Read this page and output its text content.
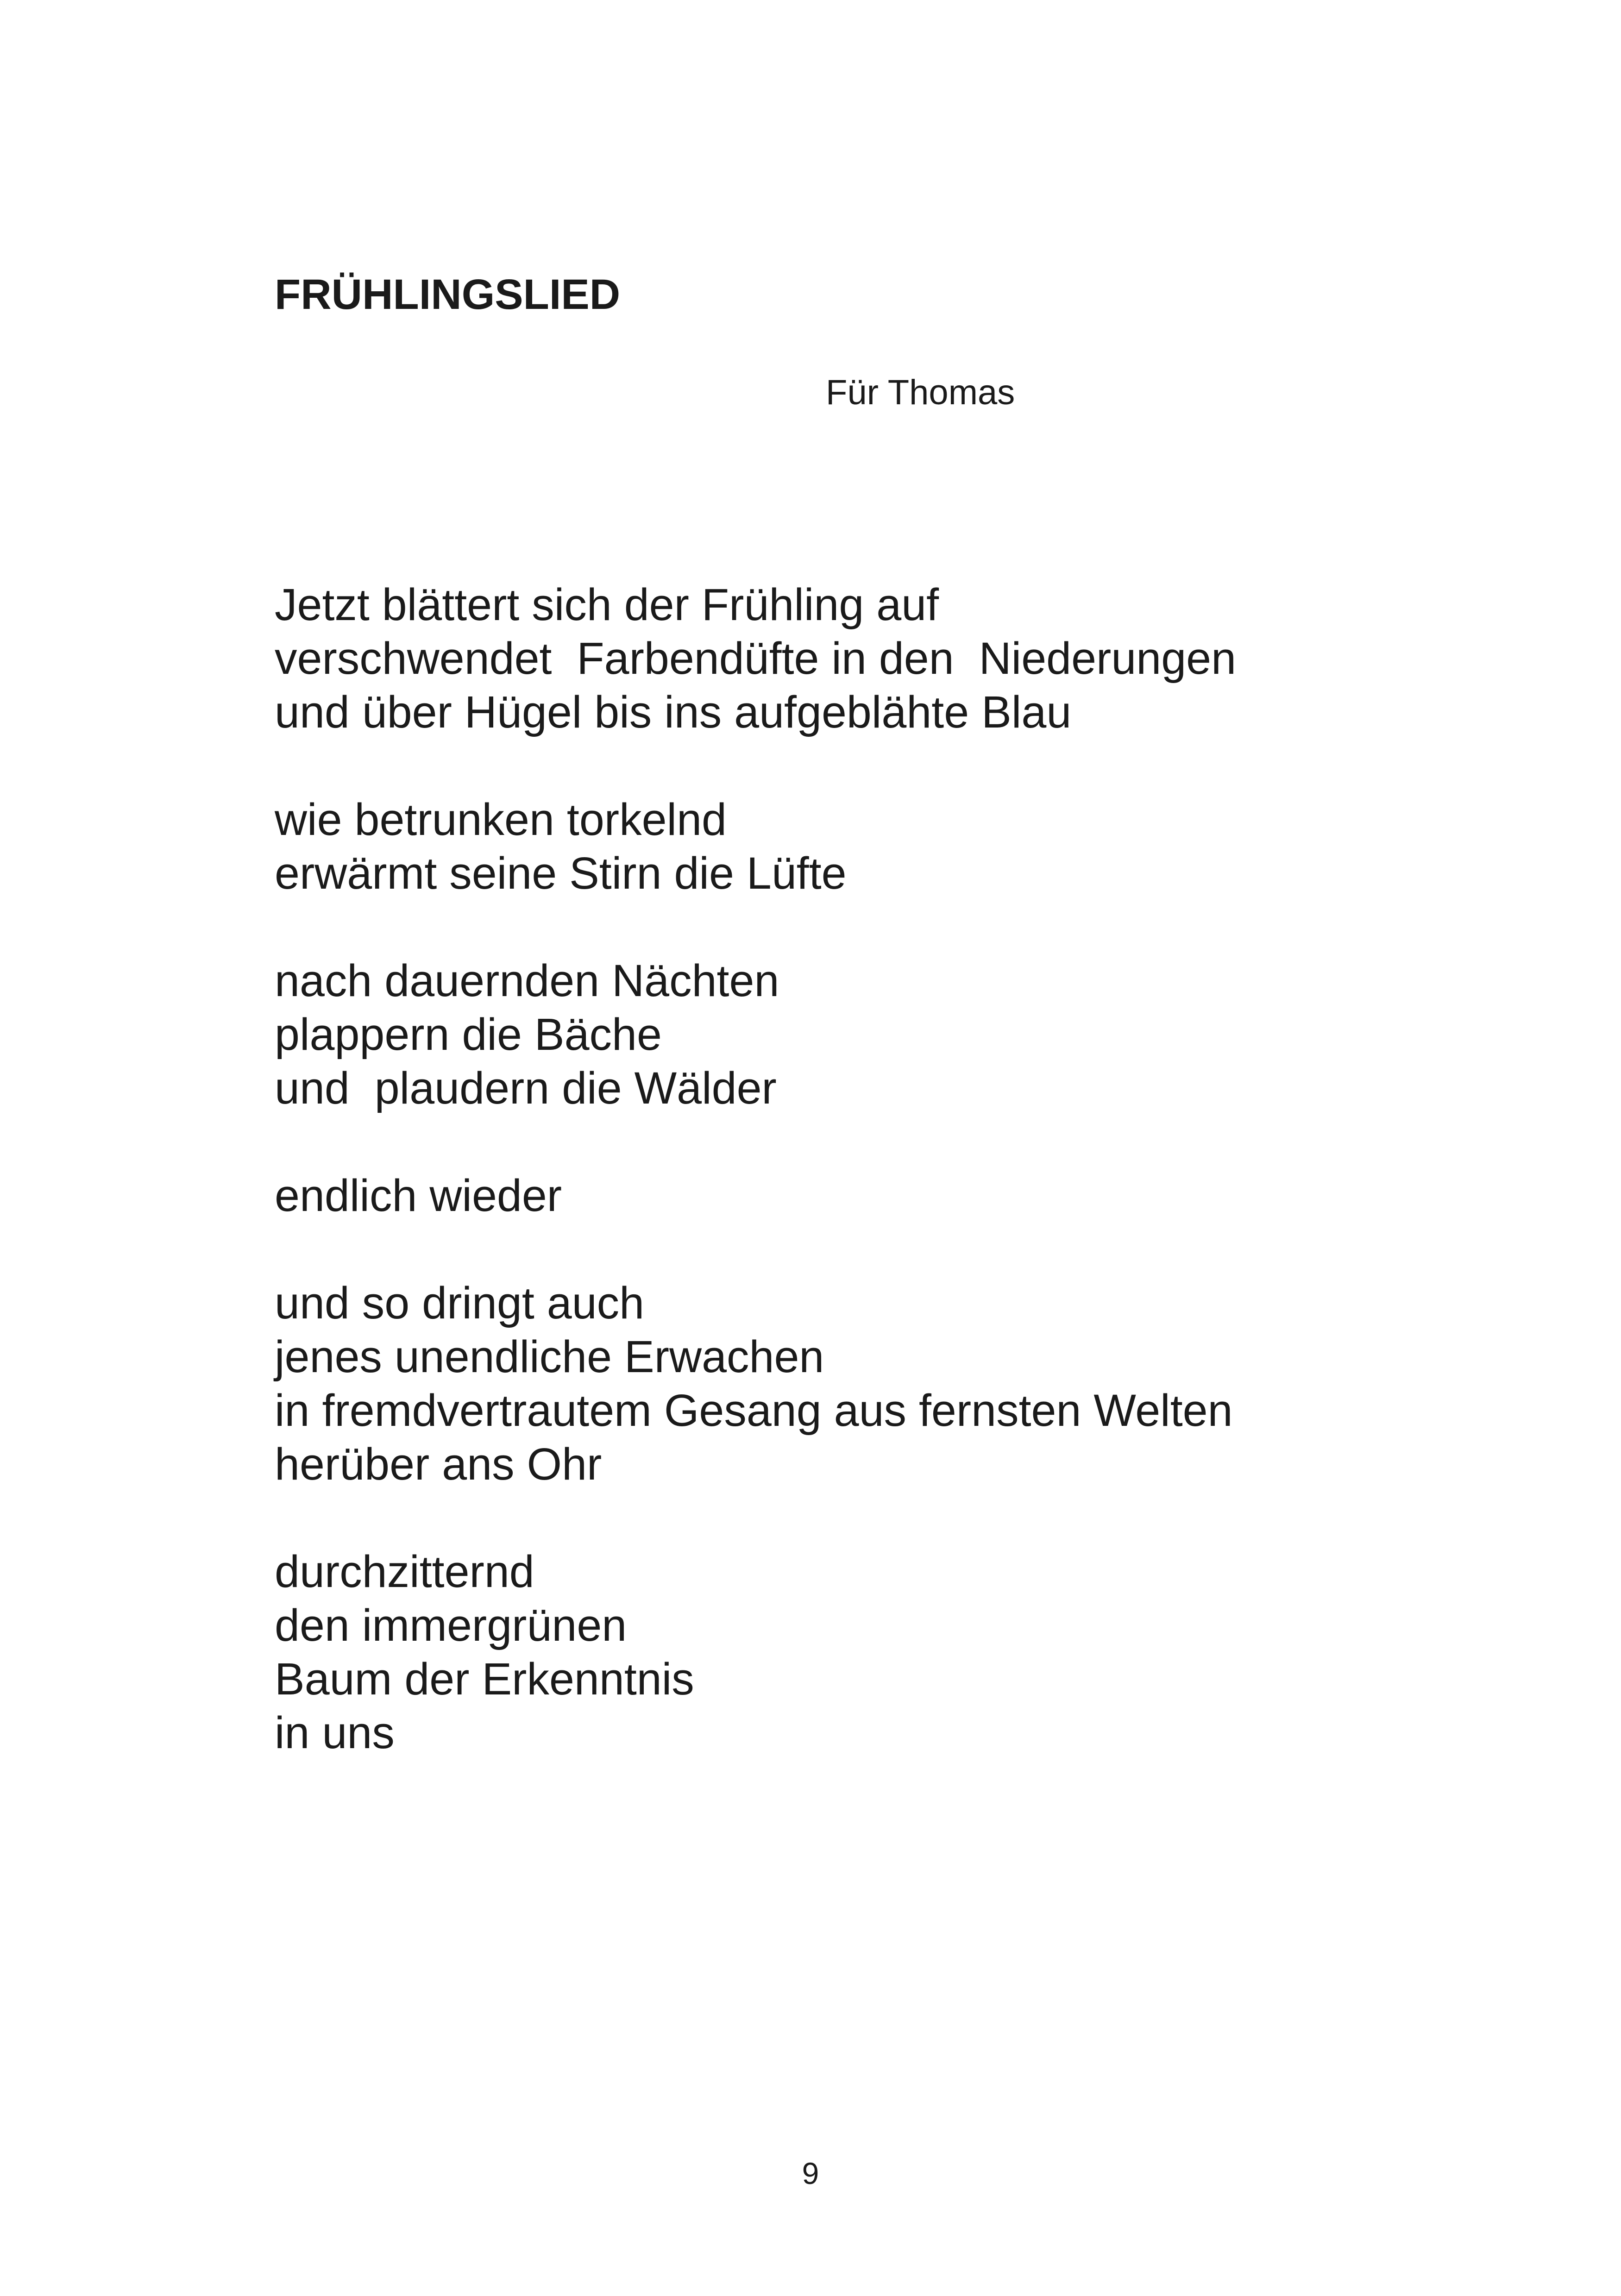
FRÜHLINGSLIED
Für Thomas
Jetzt blättert sich der Frühling auf
verschwendet  Farbendüfte in den  Niederungen
und über Hügel bis ins aufgeblähte Blau
wie betrunken torkelnd
erwärmt seine Stirn die Lüfte
nach dauernden Nächten
plappern die Bäche
und  plaudern die Wälder
endlich wieder
und so dringt auch
jenes unendliche Erwachen
in fremdvertrautem Gesang aus fernsten Welten
herüber ans Ohr
durchzitternd
den immergrünen
Baum der Erkenntnis
in uns
9
